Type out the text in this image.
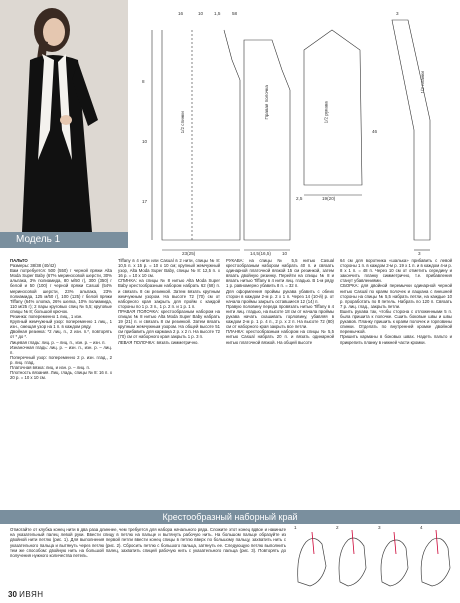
Модель 1
16	10 1,5	58
1/2 спинки
Правая полочка	1/2 рукава
1/2 планки
8
10
17
23(25)	14,5(16,5) 10
19(20)
2,5
46
3
3
ПАЛЬТО
Размеры: 38/38 (40/42)
Вам потребуется: 500 (550) г черной пряжи Alta Moda Super Baby (67% мериносовой шерсти, 30% альпака, 3% полиамида, 80 м/50 г), 300 (350) г белой и 50 (100) г черной пряжи Casual (54% мериносовой шерсти, 23% альпака, 23% полиамида, 125 м/50 г), 100 (125) г белой пряжи Tiffany (64% хлопка, 26% шелка, 10% полиамида, 110 м/25 г); 2 пары круговых спиц № 5,5; круговые спицы № 8; большой крючок.
Резинка: попеременно 1 лиц., 1 изн.
Крупный жемчужный узор: попеременно 1 лиц., 1 изн., смещая узор на 1 п. в каждом ряду.
Двойная резинка: *2 лиц. п., 2 изн. п.*, повторять от * до *.
Лицевая гладь: лиц. р. – лиц. п., изн. р. – изн. п.
Изнаночная гладь: лиц. р. – изн. п., изн. р. – лиц. п.
Поперечный узор: попеременно 2 р. изн. глад., 2 р. лиц. глад.
Платочная вязка: лиц. и изн. р. – лиц. п.
Плотность вязания. Лиц. гладь, спицы № 8: 16 п. х 20 р. = 10 х 10 см.
Tiffany в 4 нити или Casual в 2 нити, спицы № 8: 10,5 п. х 15 р. = 10 х 10 см; крупный жемчужный узор, Alta Moda Super Baby, спицы № 8: 12,5 п. х 16 р. = 10 х 10 см.
СПИНКА: на спицы № 8 нитью Alta Moda Super Baby крестообразным набором набрать 62 (68) п. и связать 8 см резинкой. Затем вязать крупным жемчужным узором. На высоте 72 (70) см от наборного края закрыть для пройм с каждой стороны по 1 р. 3 п., 1 р. 2 п. и 1 р. 1 п.
ПРАВАЯ ПОЛОЧКА: крестообразным набором на спицах № 8 нитью Alta Moda Super Baby набрать 19 (21) п. и связать 8 см резинкой. Затем вязать крупным жемчужным узором. На общей высоте 51 см прибавить для кармана 2 р. х 2 п. На высоте 72 (70) см от наборного края закрыть 1 р. 3 п.
ЛЕВАЯ ПОЛОЧКА: вязать симметрично.
РУКАВА: на спицы № 5,5 нитью Casual крестообразным набором набрать 40 п. и связать одинарной платочной вязкой 15 см резинкой, затем вязать двойную резинку. Перейти на спицы № 8 и вязать нитью Tiffany в 4 нити лиц. гладью. В 1-м ряду 1 р. равномерно убавить 8 п. = 32 п.
Для оформления проймы рукава убавить с обеих сторон в каждом 2-м р. 2 х 1 п. Через 14 (10-й) р. от начала проймы закрыть оставшиеся 12 (14) п.
Правую половину переда провязать нитью Tiffany в 4 нити лиц. гладью, на высоте 18 см от начала проймы рукава начать скашивать горловину, убавляя в каждом 2-м р. 1 р. 4 п., 2 р. х 2 п. На высоте 72 (80) см от наборного края закрыть все петли.
ПЛАНКА: крестообразным набором на спицы № 5,5 нитью Casual набрать 20 п. и вязать одинарной нитью платочной вязкой. На общей высоте
64 см для воротника «шалька» прибавить с левой стороны 1 п. в каждом 2-м р. 19 х 1 п. и в каждом 4-м р. 8 х 1 п. = 48 п. Через 10 см от отметить середину и закончить планку симметрично, т.е. прибавления станут убавлениями.
СБОРКА: для двойной перемычки одинарной черной нитью Casual по краям полочек и лацкана с внешней стороны на спицы № 5,5 набрать петли, на каждые 10 р. проработать по 8 петель. Набрать по 120 п. Связать 7 р. лиц. глад., закрыть петли.
Вшить рукава так, чтобы сторона с отложенными 5 п. была пришита к полочке. Сшить боковые швы и швы рукавов. Планку пришить к краям полочек и горловины спинки. Отделать по внутренней кромке двойной перемычкой.
Пришить карманы в боковых швах. Надеть пальто и прикрепить планку в нижней части кромки.
Крестообразный наборный край
Отмотайте от клубка конец нити в два раза длиннее, чем требуется для набора начального ряда. Сложите этот конец вдвое и накиньте на указательный палец левой руки. Ввести спицу в петлю на пальце и вытянуть рабочую нить. На большом пальце образуйте из двойной нити петлю (рис. 1). Для выполнения первой петли ввести конец спицы в петлю вверх по большому пальцу, захватить нить с указательного пальца и вытянуть через петлю (рис. 2). Сбросить петлю с большого пальца, затянуть ее. Следующую петлю выполнить тем же способом: двойную нить на большой палец, захватить спицей рабочую нить с указательного пальца (рис. 3). Повторять до получения нужного количества петель.
1	2	3	4
30 ИВЯН
